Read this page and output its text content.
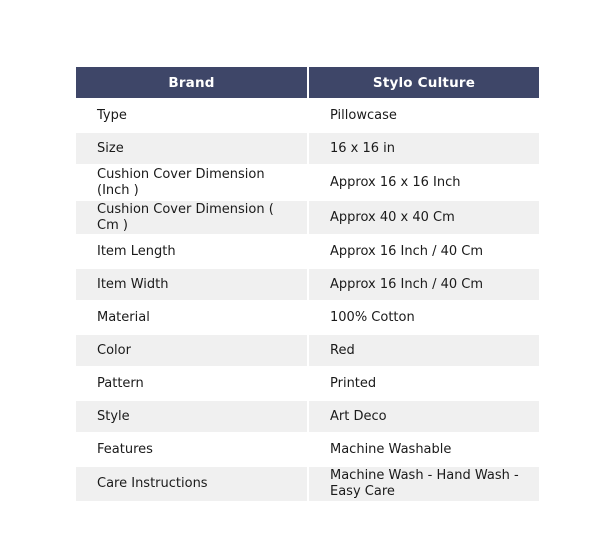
Brand	Stylo Culture
Type	Pillowcase
Size	16 x 16 in
Cushion Cover Dimension (Inch )	Approx 16 x 16 Inch
Cushion Cover Dimension ( Cm )	Approx 40 x 40 Cm
Item Length	Approx 16 Inch / 40 Cm
Item Width	Approx 16 Inch / 40 Cm
Material	100% Cotton
Color	Red
Pattern	Printed
Style	Art Deco
Features	Machine Washable
Care Instructions	Machine Wash - Hand Wash - Easy Care
